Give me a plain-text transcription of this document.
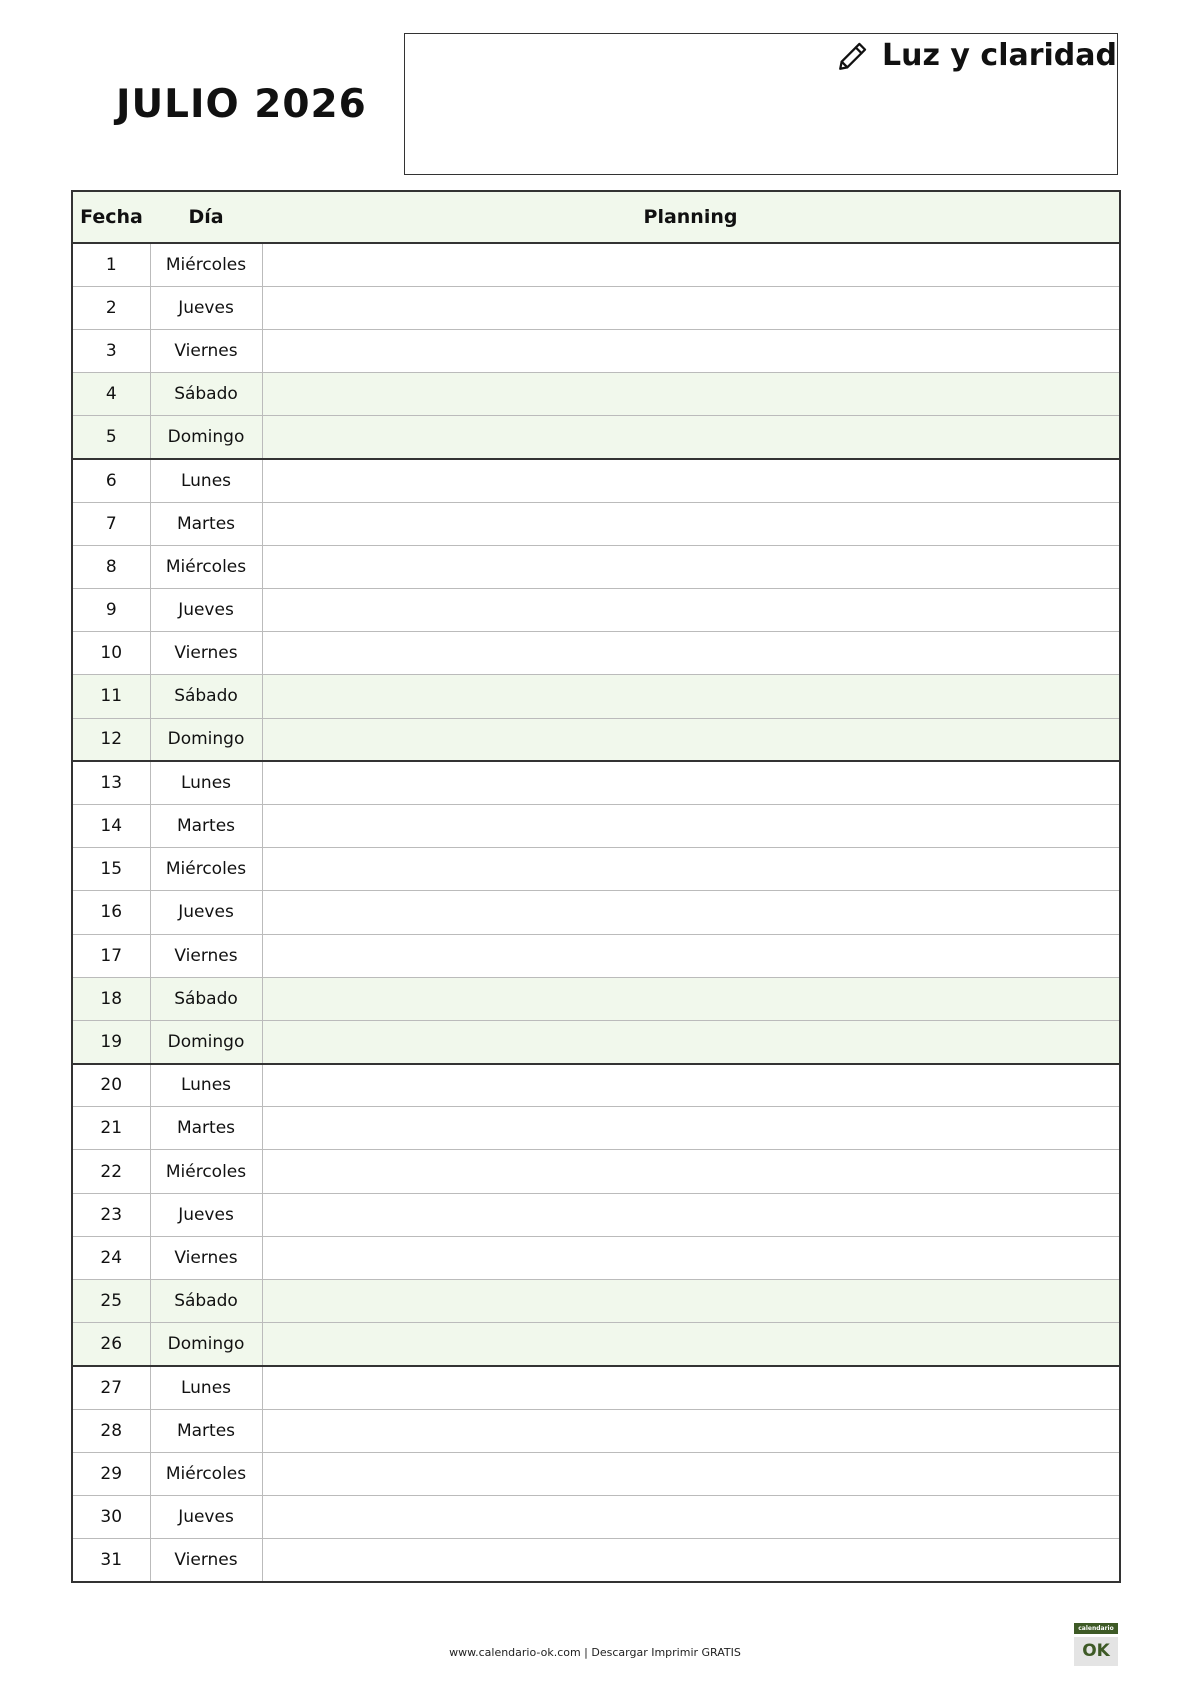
JULIO 2026
Luz y claridad
Fecha	Día	Planning
1	Miércoles	
2	Jueves	
3	Viernes	
4	Sábado	
5	Domingo	
6	Lunes	
7	Martes	
8	Miércoles	
9	Jueves	
10	Viernes	
11	Sábado	
12	Domingo	
13	Lunes	
14	Martes	
15	Miércoles	
16	Jueves	
17	Viernes	
18	Sábado	
19	Domingo	
20	Lunes	
21	Martes	
22	Miércoles	
23	Jueves	
24	Viernes	
25	Sábado	
26	Domingo	
27	Lunes	
28	Martes	
29	Miércoles	
30	Jueves	
31	Viernes	
www.calendario-ok.com | Descargar Imprimir GRATIS
calendario
OK
